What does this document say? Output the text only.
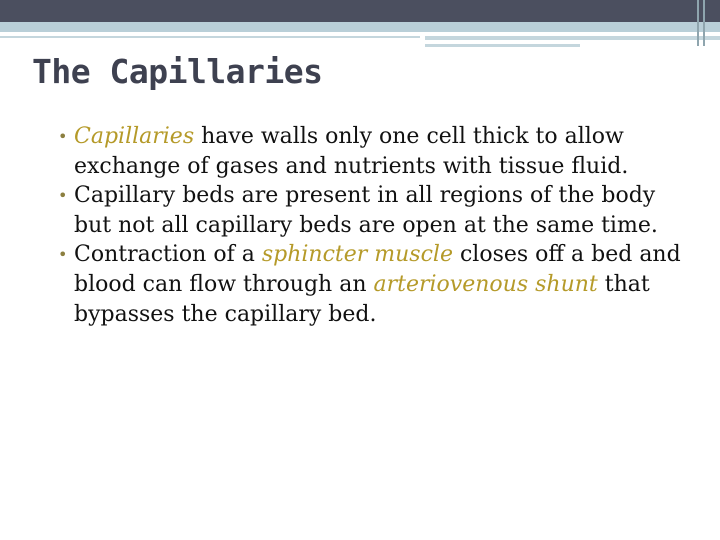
The Capillaries

• Capillaries have walls only one cell thick to allow exchange of gases and nutrients with tissue fluid.

• Capillary beds are present in all regions of the body but not all capillary beds are open at the same time.

• Contraction of a sphincter muscle closes off a bed and blood can flow through an arteriovenous shunt that bypasses the capillary bed.
